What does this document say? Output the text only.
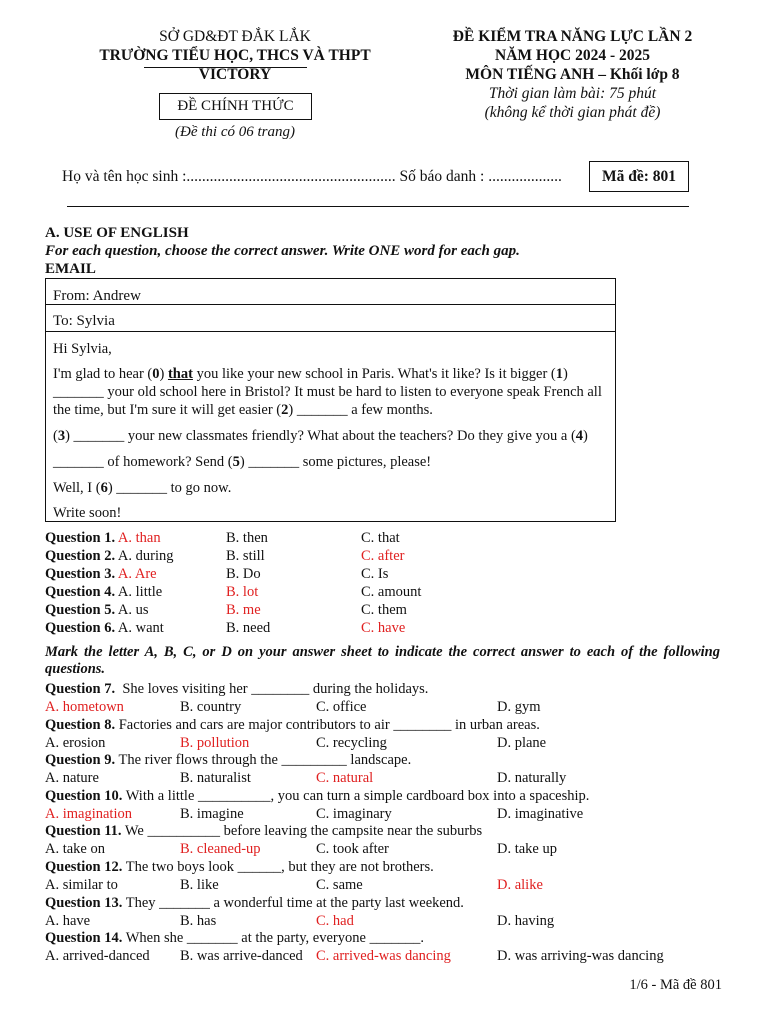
SỞ GD&ĐT ĐẮK LẮK
TRƯỜNG TIỂU HỌC, THCS VÀ THPT
VICTORY
ĐỀ CHÍNH THỨC
(Đề thi có 06 trang)
ĐỀ KIỂM TRA NĂNG LỰC LẦN 2
NĂM HỌC 2024 - 2025
MÔN TIẾNG ANH – Khối lớp 8
Thời gian làm bài: 75 phút
(không kể thời gian phát đề)
Họ và tên học sinh :...................................................... Số báo danh : ...................	Mã đề: 801
A. USE OF ENGLISH
For each question, choose the correct answer. Write ONE word for each gap.
EMAIL
From: Andrew
To: Sylvia
Hi Sylvia,
I'm glad to hear (0) that you like your new school in Paris. What's it like? Is it bigger (1) _______ your old school here in Bristol? It must be hard to listen to everyone speak French all the time, but I'm sure it will get easier (2) _______ a few months.
(3) _______ your new classmates friendly? What about the teachers? Do they give you a (4)
_______ of homework? Send (5) _______ some pictures, please!
Well, I (6) _______ to go now.
Write soon!
Question 1. A. than	B. then	C. that
Question 2. A. during	B. still	C. after
Question 3. A. Are	B. Do	C. Is
Question 4. A. little	B. lot	C. amount
Question 5. A. us	B. me	C. them
Question 6. A. want	B. need	C. have
Mark the letter A, B, C, or D on your answer sheet to indicate the correct answer to each of the following questions.
Question 7.  She loves visiting her ________ during the holidays.
A. hometown	B. country	C. office	D. gym
Question 8. Factories and cars are major contributors to air ________ in urban areas.
A. erosion	B. pollution	C. recycling	D. plane
Question 9. The river flows through the _________ landscape.
A. nature	B. naturalist	C. natural	D. naturally
Question 10. With a little __________, you can turn a simple cardboard box into a spaceship.
A. imagination	B. imagine	C. imaginary	D. imaginative
Question 11. We __________ before leaving the campsite near the suburbs
A. take on	B. cleaned-up	C. took after	D. take up
Question 12. The two boys look ______, but they are not brothers.
A. similar to	B. like	C. same	D. alike
Question 13. They _______ a wonderful time at the party last weekend.
A. have	B. has	C. had	D. having
Question 14. When she _______ at the party, everyone _______.
A. arrived-danced B. was arrive-danced C. arrived-was dancing	D. was arriving-was dancing
1/6 - Mã đề 801
